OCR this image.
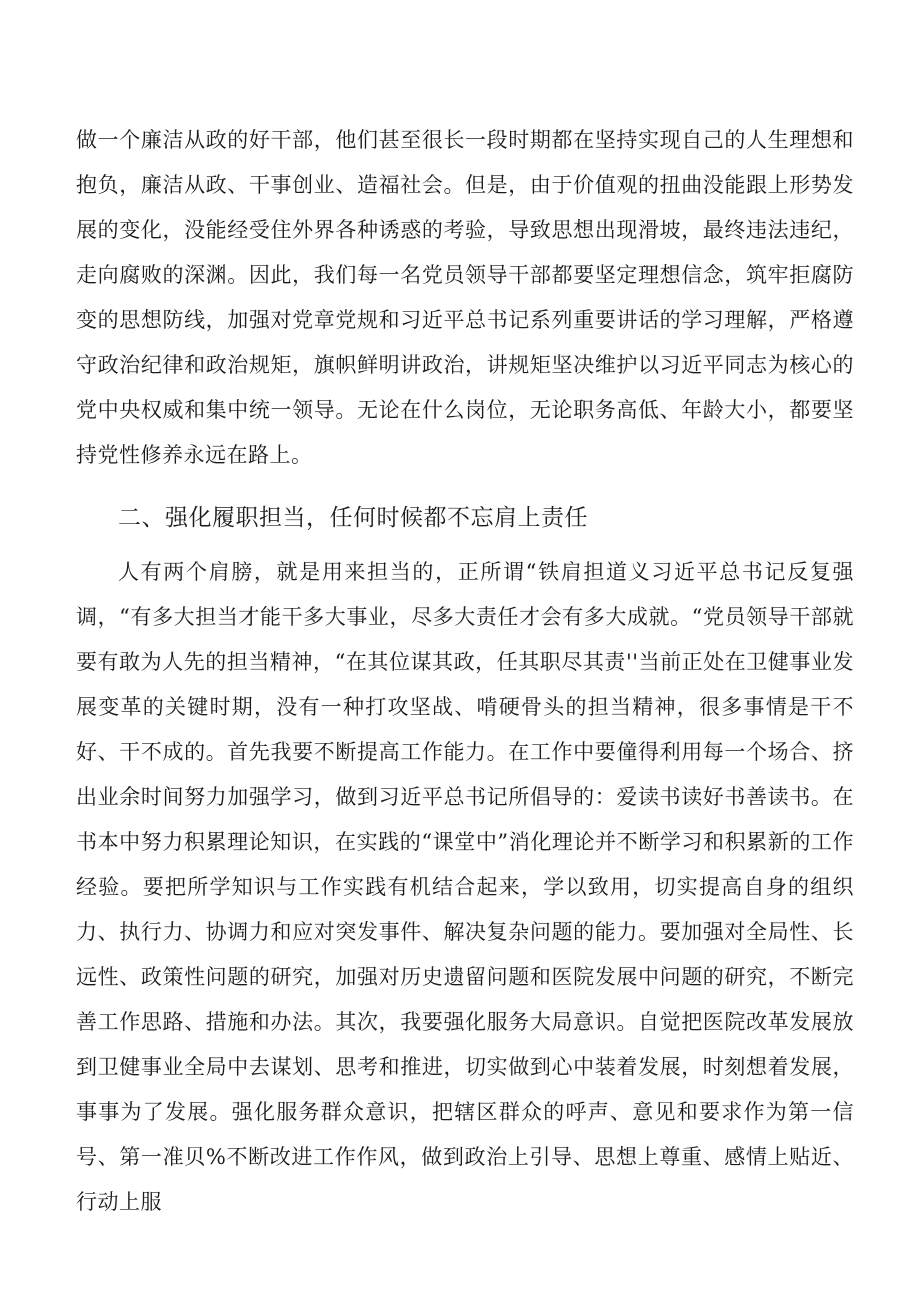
做一个廉洁从政的好干部，他们甚至很长一段时期都在坚持实现自己的人生理想和抱负，廉洁从政、干事创业、造福社会。但是，由于价值观的扭曲没能跟上形势发展的变化，没能经受住外界各种诱惑的考验，导致思想出现滑坡，最终违法违纪，走向腐败的深渊。因此，我们每一名党员领导干部都要坚定理想信念，筑牢拒腐防变的思想防线，加强对党章党规和习近平总书记系列重要讲话的学习理解，严格遵守政治纪律和政治规矩，旗帜鲜明讲政治，讲规矩坚决维护以习近平同志为核心的党中央权威和集中统一领导。无论在什么岗位，无论职务高低、年龄大小，都要坚持党性修养永远在路上。

二、强化履职担当，任何时候都不忘肩上责任

人有两个肩膀，就是用来担当的，正所谓“铁肩担道义习近平总书记反复强调，“有多大担当才能干多大事业，尽多大责任才会有多大成就。“党员领导干部就要有敢为人先的担当精神，“在其位谋其政，任其职尽其责''当前正处在卫健事业发展变革的关键时期，没有一种打攻坚战、啃硬骨头的担当精神，很多事情是干不好、干不成的。首先我要不断提高工作能力。在工作中要僮得利用每一个场合、挤出业余时间努力加强学习，做到习近平总书记所倡导的：爱读书读好书善读书。在书本中努力积累理论知识，在实践的“课堂中”消化理论并不断学习和积累新的工作经验。要把所学知识与工作实践有机结合起来，学以致用，切实提高自身的组织力、执行力、协调力和应对突发事件、解决复杂问题的能力。要加强对全局性、长远性、政策性问题的研究，加强对历史遗留问题和医院发展中问题的研究，不断完善工作思路、措施和办法。其次，我要强化服务大局意识。自觉把医院改革发展放到卫健事业全局中去谋划、思考和推进，切实做到心中装着发展，时刻想着发展，事事为了发展。强化服务群众意识，把辖区群众的呼声、意见和要求作为第一信号、第一准贝%不断改进工作作风，做到政治上引导、思想上尊重、感情上贴近、行动上服
